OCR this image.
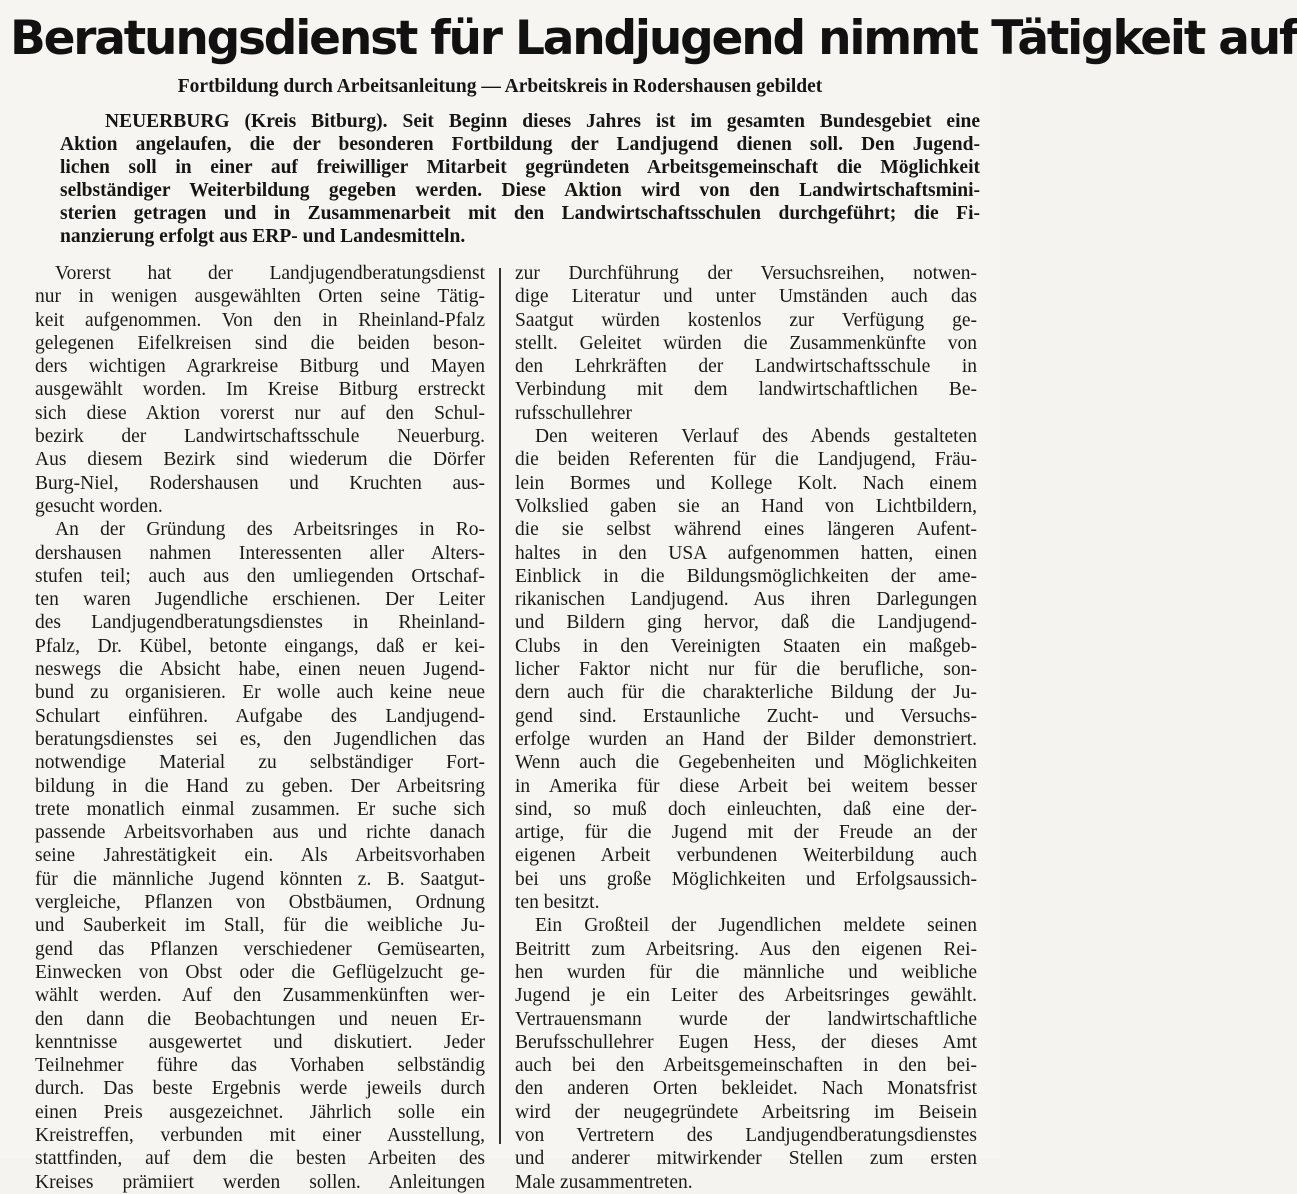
Beratungsdienst für Landjugend nimmt Tätigkeit auf
Fortbildung durch Arbeitsanleitung — Arbeitskreis in Rodershausen gebildet
NEUERBURG (Kreis Bitburg). Seit Beginn dieses Jahres ist im gesamten Bundesgebiet eine
Aktion angelaufen, die der besonderen Fortbildung der Landjugend dienen soll. Den Jugend-
lichen soll in einer auf freiwilliger Mitarbeit gegründeten Arbeitsgemeinschaft die Möglichkeit
selbständiger Weiterbildung gegeben werden. Diese Aktion wird von den Landwirtschaftsmini-
sterien getragen und in Zusammenarbeit mit den Landwirtschaftsschulen durchgeführt; die Fi-
nanzierung erfolgt aus ERP- und Landesmitteln.
Vorerst hat der Landjugendberatungsdienst
nur in wenigen ausgewählten Orten seine Tätig-
keit aufgenommen. Von den in Rheinland-Pfalz
gelegenen Eifelkreisen sind die beiden beson-
ders wichtigen Agrarkreise Bitburg und Mayen
ausgewählt worden. Im Kreise Bitburg erstreckt
sich diese Aktion vorerst nur auf den Schul-
bezirk der Landwirtschaftsschule Neuerburg.
Aus diesem Bezirk sind wiederum die Dörfer
Burg-Niel, Rodershausen und Kruchten aus-
gesucht worden.
An der Gründung des Arbeitsringes in Ro-
dershausen nahmen Interessenten aller Alters-
stufen teil; auch aus den umliegenden Ortschaf-
ten waren Jugendliche erschienen. Der Leiter
des Landjugendberatungsdienstes in Rheinland-
Pfalz, Dr. Kübel, betonte eingangs, daß er kei-
neswegs die Absicht habe, einen neuen Jugend-
bund zu organisieren. Er wolle auch keine neue
Schulart einführen. Aufgabe des Landjugend-
beratungsdienstes sei es, den Jugendlichen das
notwendige Material zu selbständiger Fort-
bildung in die Hand zu geben. Der Arbeitsring
trete monatlich einmal zusammen. Er suche sich
passende Arbeitsvorhaben aus und richte danach
seine Jahrestätigkeit ein. Als Arbeitsvorhaben
für die männliche Jugend könnten z. B. Saatgut-
vergleiche, Pflanzen von Obstbäumen, Ordnung
und Sauberkeit im Stall, für die weibliche Ju-
gend das Pflanzen verschiedener Gemüsearten,
Einwecken von Obst oder die Geflügelzucht ge-
wählt werden. Auf den Zusammenkünften wer-
den dann die Beobachtungen und neuen Er-
kenntnisse ausgewertet und diskutiert. Jeder
Teilnehmer führe das Vorhaben selbständig
durch. Das beste Ergebnis werde jeweils durch
einen Preis ausgezeichnet. Jährlich solle ein
Kreistreffen, verbunden mit einer Ausstellung,
stattfinden, auf dem die besten Arbeiten des
Kreises prämiiert werden sollen. Anleitungen
zur Durchführung der Versuchsreihen, notwen-
dige Literatur und unter Umständen auch das
Saatgut würden kostenlos zur Verfügung ge-
stellt. Geleitet würden die Zusammenkünfte von
den Lehrkräften der Landwirtschaftsschule in
Verbindung mit dem landwirtschaftlichen Be-
rufsschullehrer
Den weiteren Verlauf des Abends gestalteten
die beiden Referenten für die Landjugend, Fräu-
lein Bormes und Kollege Kolt. Nach einem
Volkslied gaben sie an Hand von Lichtbildern,
die sie selbst während eines längeren Aufent-
haltes in den USA aufgenommen hatten, einen
Einblick in die Bildungsmöglichkeiten der ame-
rikanischen Landjugend. Aus ihren Darlegungen
und Bildern ging hervor, daß die Landjugend-
Clubs in den Vereinigten Staaten ein maßgeb-
licher Faktor nicht nur für die berufliche, son-
dern auch für die charakterliche Bildung der Ju-
gend sind. Erstaunliche Zucht- und Versuchs-
erfolge wurden an Hand der Bilder demonstriert.
Wenn auch die Gegebenheiten und Möglichkeiten
in Amerika für diese Arbeit bei weitem besser
sind, so muß doch einleuchten, daß eine der-
artige, für die Jugend mit der Freude an der
eigenen Arbeit verbundenen Weiterbildung auch
bei uns große Möglichkeiten und Erfolgsaussich-
ten besitzt.
Ein Großteil der Jugendlichen meldete seinen
Beitritt zum Arbeitsring. Aus den eigenen Rei-
hen wurden für die männliche und weibliche
Jugend je ein Leiter des Arbeitsringes gewählt.
Vertrauensmann wurde der landwirtschaftliche
Berufsschullehrer Eugen Hess, der dieses Amt
auch bei den Arbeitsgemeinschaften in den bei-
den anderen Orten bekleidet. Nach Monatsfrist
wird der neugegründete Arbeitsring im Beisein
von Vertretern des Landjugendberatungsdienstes
und anderer mitwirkender Stellen zum ersten
Male zusammentreten.
